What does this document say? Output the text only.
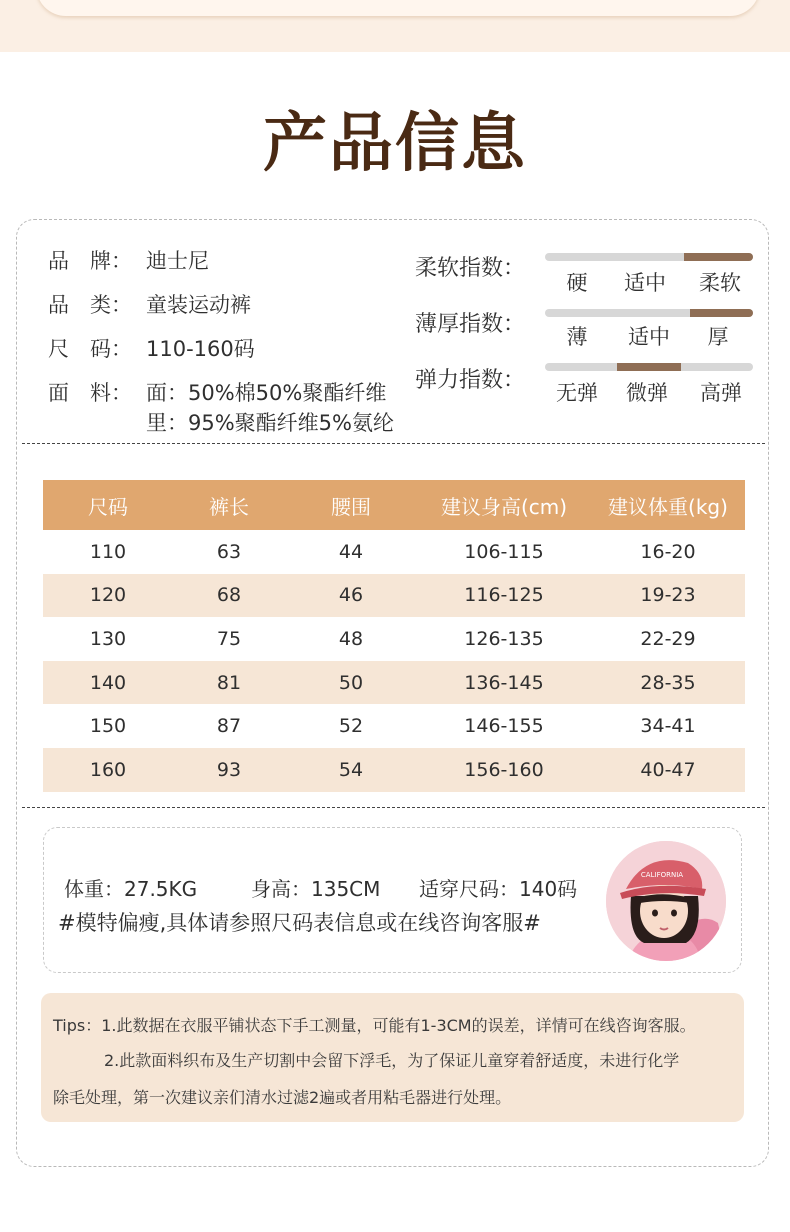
产品信息
品　牌： 迪士尼
品　类： 童装运动裤
尺　码： 110-160码
面　料： 面：50%棉50%聚酯纤维
里：95%聚酯纤维5%氨纶
柔软指数：
硬	适中	柔软
薄厚指数：	薄	适中	厚
弹力指数：	无弹	微弹	高弹
尺码	裤长	腰围	建议身高(cm)	建议体重(kg)
110	63	44	106-115	16-20
120	68	46	116-125	19-23
130	75	48	126-135	22-29
140	81	50	136-145	28-35
150	87	52	146-155	34-41
160	93	54	156-160	40-47
体重：27.5KG	身高：135CM 适穿尺码：140码
#模特偏瘦,具体请参照尺码表信息或在线咨询客服#
CALIFORNIA
Tips：1.此数据在衣服平铺状态下手工测量，可能有1-3CM的误差，详情可在线咨询客服。
2.此款面料织布及生产切割中会留下浮毛，为了保证儿童穿着舒适度，未进行化学
除毛处理，第一次建议亲们清水过滤2遍或者用粘毛器进行处理。
